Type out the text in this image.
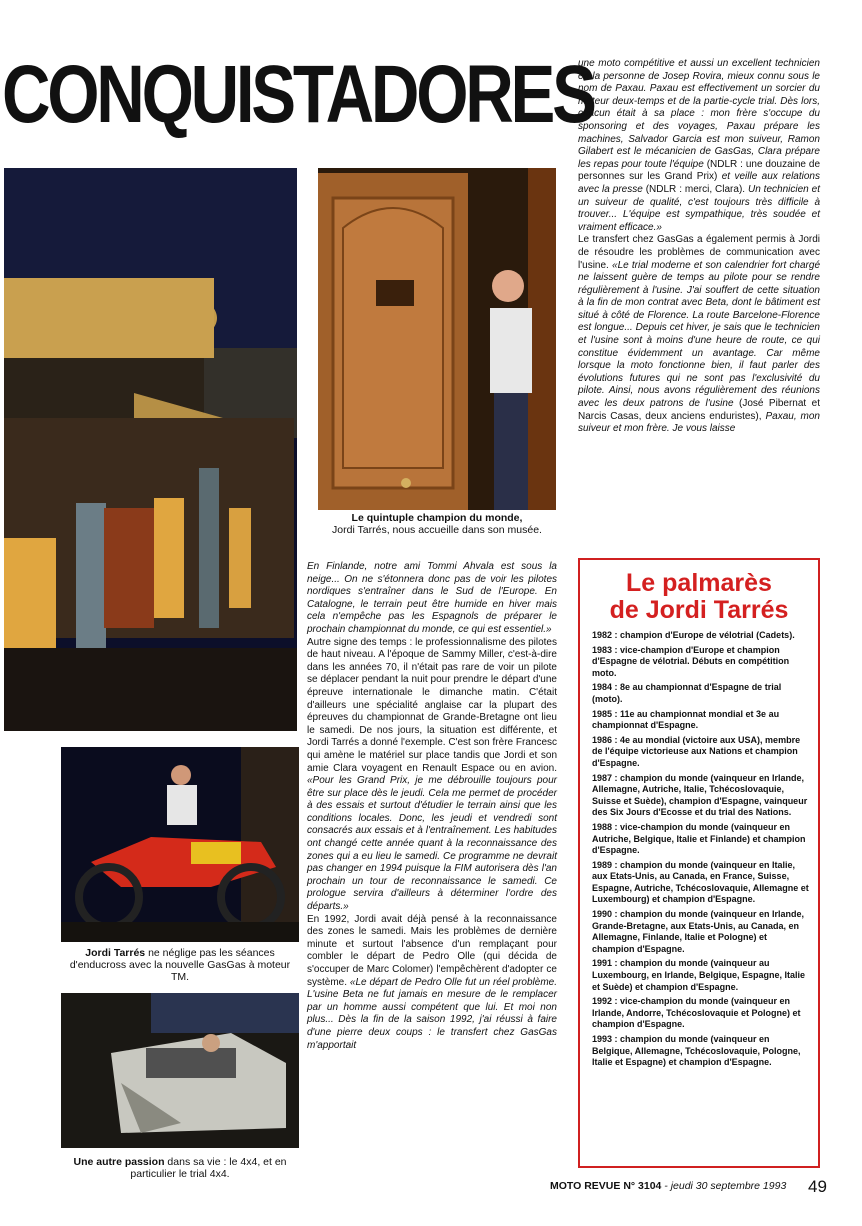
CONQUISTADORES
Le quintuple champion du monde,
Jordi Tarrés, nous accueille dans son musée.
Jordi Tarrés ne néglige pas les séances d'enducross avec la nouvelle GasGas à moteur TM.
Une autre passion dans sa vie : le 4x4, et en particulier le trial 4x4.

En Finlande, notre ami Tommi Ahvala est sous la neige... On ne s'étonnera donc pas de voir les pilotes nordiques s'entraîner dans le Sud de l'Europe. En Catalogne, le terrain peut être humide en hiver mais cela n'empêche pas les Espagnols de préparer le prochain championnat du monde, ce qui est essentiel.»

Autre signe des temps : le professionnalisme des pilotes de haut niveau. A l'époque de Sammy Miller, c'est-à-dire dans les années 70, il n'était pas rare de voir un pilote se déplacer pendant la nuit pour prendre le départ d'une épreuve internationale le dimanche matin. C'était d'ailleurs une spécialité anglaise car la plupart des épreuves du championnat de Grande-Bretagne ont lieu le samedi. De nos jours, la situation est différente, et Jordi Tarrés a donné l'exemple. C'est son frère Francesc qui amène le matériel sur place tandis que Jordi et son amie Clara voyagent en Renault Espace ou en avion. «Pour les Grand Prix, je me débrouille toujours pour être sur place dès le jeudi. Cela me permet de procéder à des essais et surtout d'étudier le terrain ainsi que les conditions locales. Donc, les jeudi et vendredi sont consacrés aux essais et à l'entraînement. Les habitudes ont changé cette année quant à la reconnaissance des zones qui a eu lieu le samedi. Ce programme ne devrait pas changer en 1994 puisque la FIM autorisera dès l'an prochain un tour de reconnaissance le samedi. Ce prologue servira d'ailleurs à déterminer l'ordre des départs.»

En 1992, Jordi avait déjà pensé à la reconnaissance des zones le samedi. Mais les problèmes de dernière minute et surtout l'absence d'un remplaçant pour combler le départ de Pedro Olle (qui décida de s'occuper de Marc Colomer) l'empêchèrent d'adopter ce système. «Le départ de Pedro Olle fut un réel problème. L'usine Beta ne fut jamais en mesure de le remplacer par un homme aussi compétent que lui. Et moi non plus... Dès la fin de la saison 1992, j'ai réussi à faire d'une pierre deux coups : le transfert chez GasGas m'apportait

une moto compétitive et aussi un excellent technicien en la personne de Josep Rovira, mieux connu sous le nom de Paxau. Paxau est effectivement un sorcier du moteur deux-temps et de la partie-cycle trial. Dès lors, chacun était à sa place : mon frère s'occupe du sponsoring et des voyages, Paxau prépare les machines, Salvador Garcia est mon suiveur, Ramon Gilabert est le mécanicien de GasGas, Clara prépare les repas pour toute l'équipe (NDLR : une douzaine de personnes sur les Grand Prix) et veille aux relations avec la presse (NDLR : merci, Clara). Un technicien et un suiveur de qualité, c'est toujours très difficile à trouver... L'équipe est sympathique, très soudée et vraiment efficace.»

Le transfert chez GasGas a également permis à Jordi de résoudre les problèmes de communication avec l'usine. «Le trial moderne et son calendrier fort chargé ne laissent guère de temps au pilote pour se rendre régulièrement à l'usine. J'ai souffert de cette situation à la fin de mon contrat avec Beta, dont le bâtiment est situé à côté de Florence. La route Barcelone-Florence est longue... Depuis cet hiver, je sais que le technicien et l'usine sont à moins d'une heure de route, ce qui constitue évidemment un avantage. Car même lorsque la moto fonctionne bien, il faut parler des évolutions futures qui ne sont pas l'exclusivité du pilote. Ainsi, nous avons régulièrement des réunions avec les deux patrons de l'usine (José Pibernat et Narcis Casas, deux anciens enduristes), Paxau, mon suiveur et mon frère. Je vous laisse

Le palmarès
de Jordi Tarrés

1982 : champion d'Europe de vélotrial (Cadets).

1983 : vice-champion d'Europe et champion d'Espagne de vélotrial. Débuts en compétition moto.

1984 : 8e au championnat d'Espagne de trial (moto).

1985 : 11e au championnat mondial et 3e au championnat d'Espagne.

1986 : 4e au mondial (victoire aux USA), membre de l'équipe victorieuse aux Nations et champion d'Espagne.

1987 : champion du monde (vainqueur en Irlande, Allemagne, Autriche, Italie, Tchécoslovaquie, Suisse et Suède), champion d'Espagne, vainqueur des Six Jours d'Ecosse et du trial des Nations.

1988 : vice-champion du monde (vainqueur en Autriche, Belgique, Italie et Finlande) et champion d'Espagne.

1989 : champion du monde (vainqueur en Italie, aux Etats-Unis, au Canada, en France, Suisse, Espagne, Autriche, Tchécoslovaquie, Allemagne et Luxembourg) et champion d'Espagne.

1990 : champion du monde (vainqueur en Irlande, Grande-Bretagne, aux Etats-Unis, au Canada, en Allemagne, Finlande, Italie et Pologne) et champion d'Espagne.

1991 : champion du monde (vainqueur au Luxembourg, en Irlande, Belgique, Espagne, Italie et Suède) et champion d'Espagne.

1992 : vice-champion du monde (vainqueur en Irlande, Andorre, Tchécoslovaquie et Pologne) et champion d'Espagne.

1993 : champion du monde (vainqueur en Belgique, Allemagne, Tchécoslovaquie, Pologne, Italie et Espagne) et champion d'Espagne.

MOTO REVUE N° 3104 - jeudi 30 septembre 1993 49
